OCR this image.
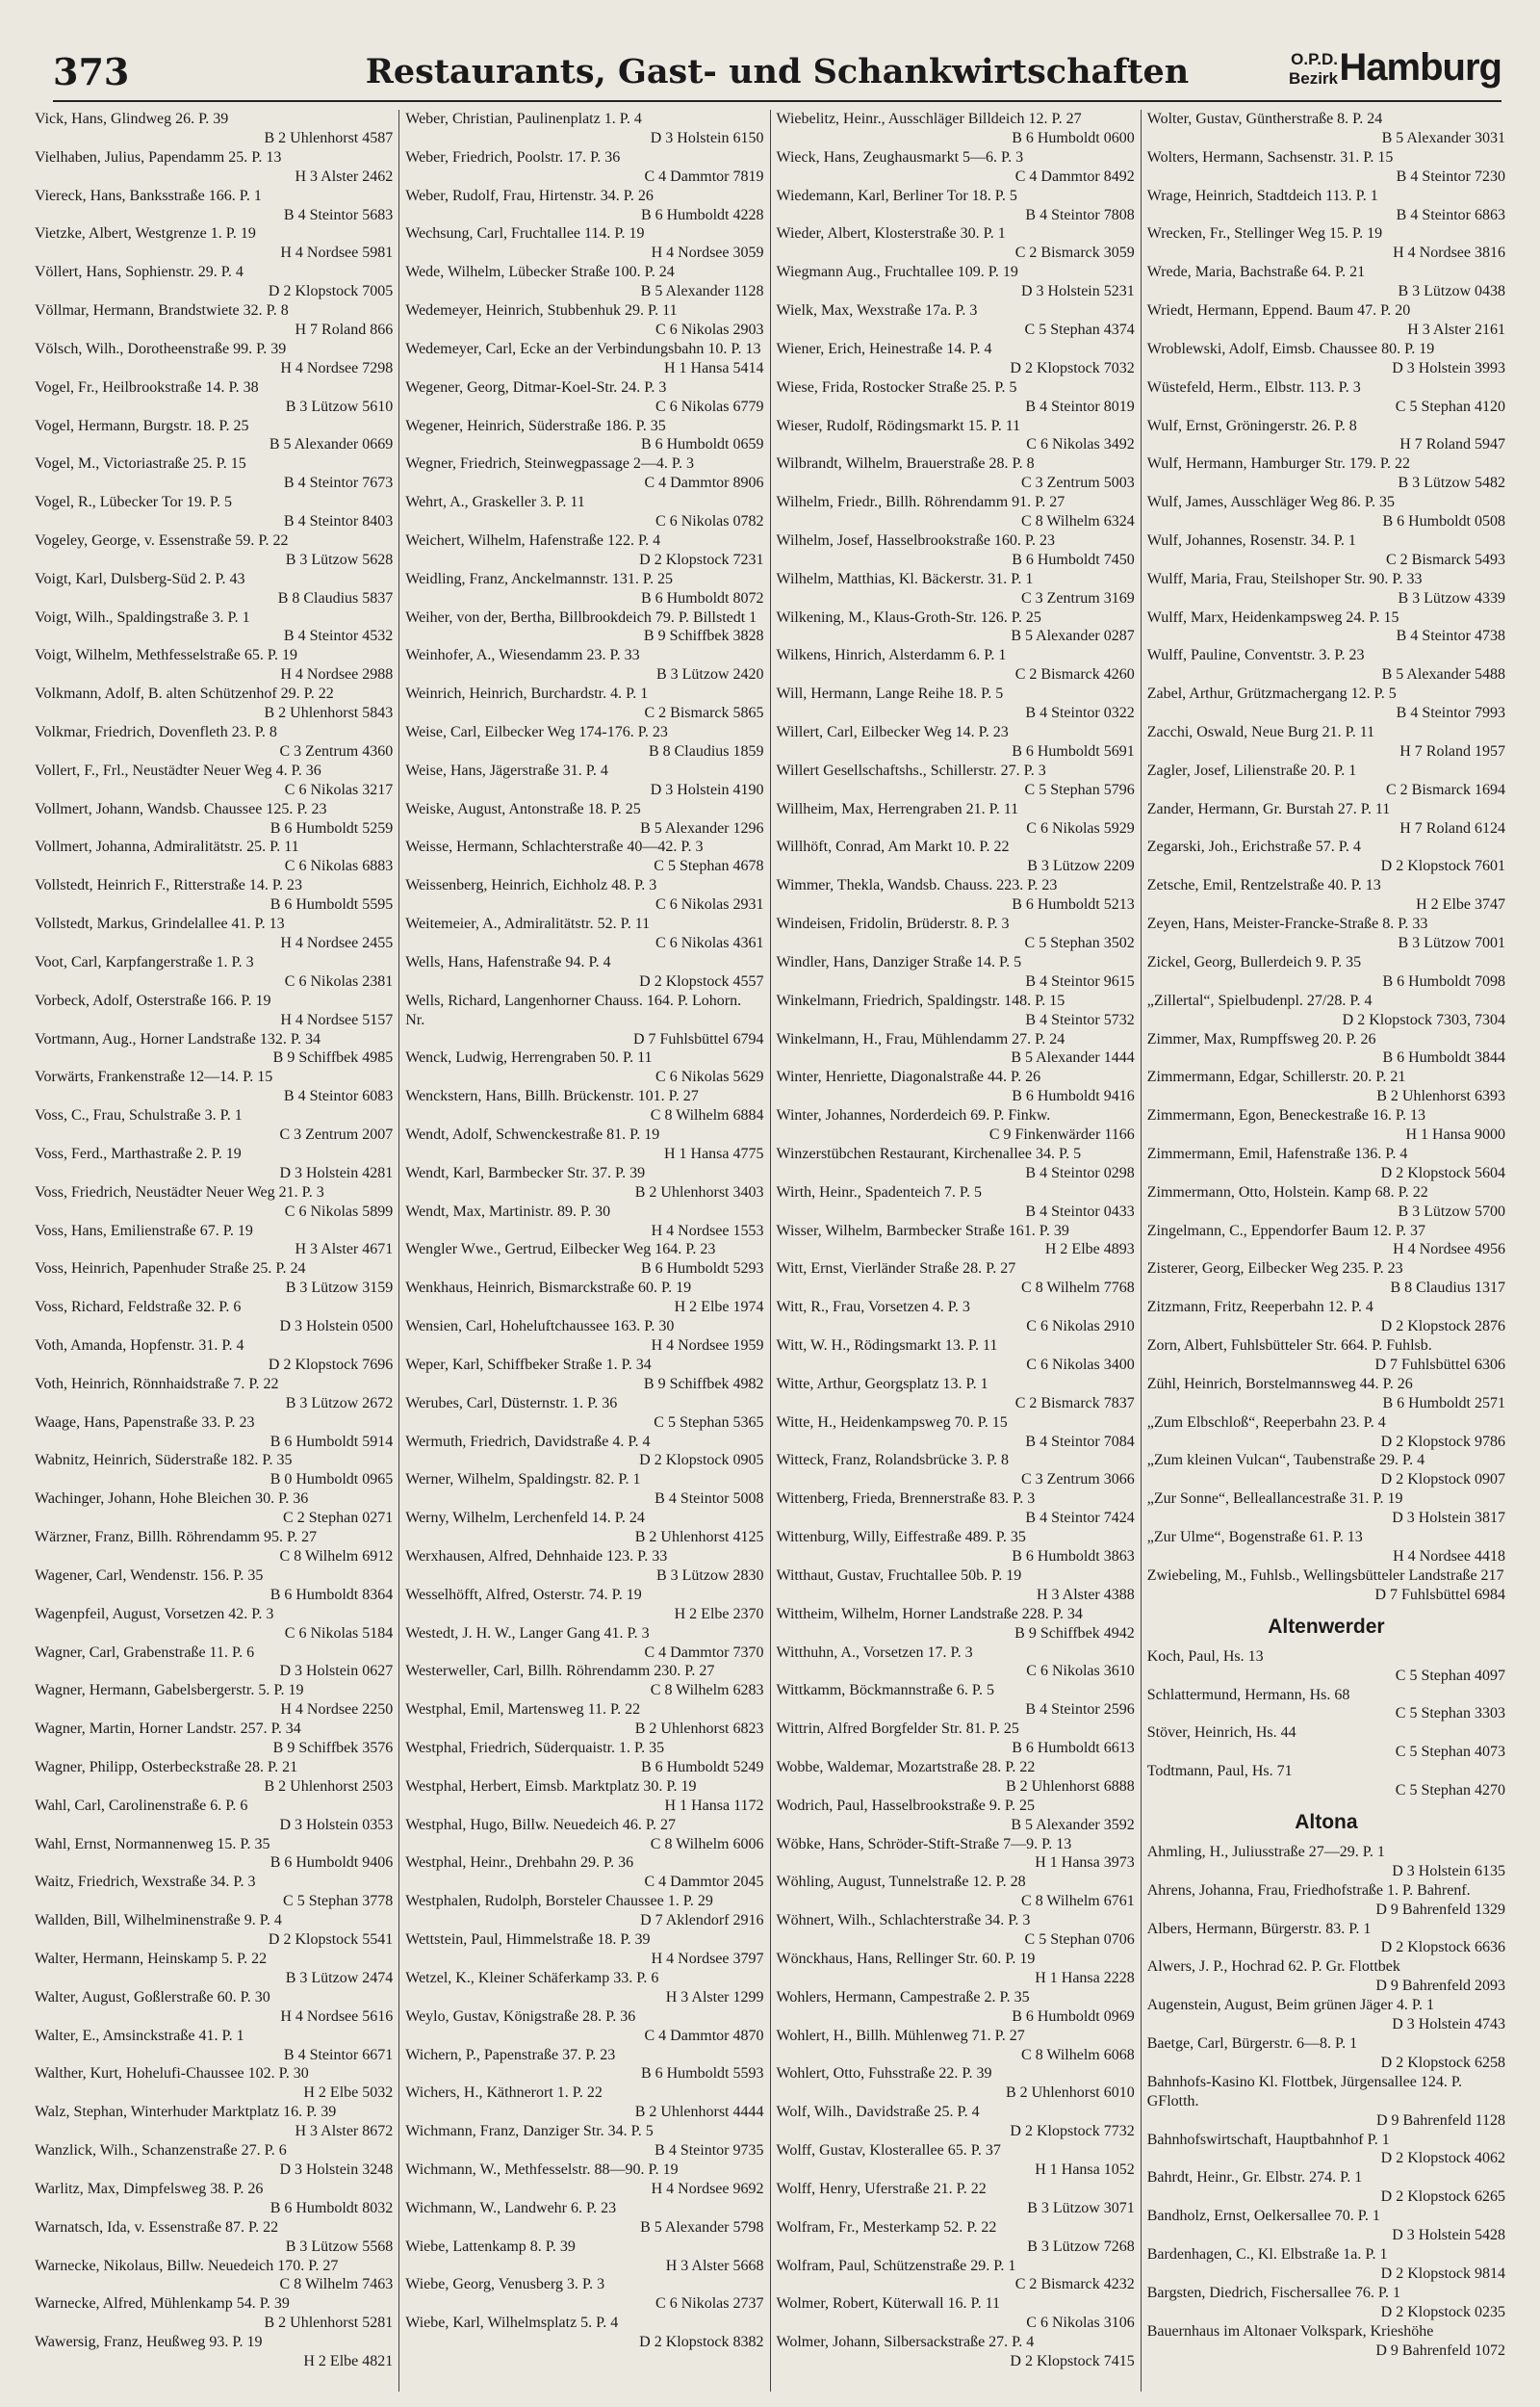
373	Restaurants, Gast- und Schankwirtschaften	O.P.D.
Bezirk Hamburg
Vick, Hans, Glindweg 26. P. 39
B 2 Uhlenhorst 4587
Vielhaben, Julius, Papendamm 25. P. 13
H 3 Alster 2462
Viereck, Hans, Banksstraße 166. P. 1
B 4 Steintor 5683
Vietzke, Albert, Westgrenze 1. P. 19
H 4 Nordsee 5981
Völlert, Hans, Sophienstr. 29. P. 4
D 2 Klopstock 7005
Völlmar, Hermann, Brandstwiete 32. P. 8
H 7 Roland 866
Völsch, Wilh., Dorotheenstraße 99. P. 39
H 4 Nordsee 7298
Vogel, Fr., Heilbrookstraße 14. P. 38
B 3 Lützow 5610
Vogel, Hermann, Burgstr. 18. P. 25
B 5 Alexander 0669
Vogel, M., Victoriastraße 25. P. 15
B 4 Steintor 7673
Vogel, R., Lübecker Tor 19. P. 5
B 4 Steintor 8403
Vogeley, George, v. Essenstraße 59. P. 22
B 3 Lützow 5628
Voigt, Karl, Dulsberg-Süd 2. P. 43
B 8 Claudius 5837
Voigt, Wilh., Spaldingstraße 3. P. 1
B 4 Steintor 4532
Voigt, Wilhelm, Methfesselstraße 65. P. 19
H 4 Nordsee 2988
Volkmann, Adolf, B. alten Schützenhof 29. P. 22
B 2 Uhlenhorst 5843
Volkmar, Friedrich, Dovenfleth 23. P. 8
C 3 Zentrum 4360
Vollert, F., Frl., Neustädter Neuer Weg 4. P. 36
C 6 Nikolas 3217
Vollmert, Johann, Wandsb. Chaussee 125. P. 23
B 6 Humboldt 5259
Vollmert, Johanna, Admiralitätstr. 25. P. 11
C 6 Nikolas 6883
Vollstedt, Heinrich F., Ritterstraße 14. P. 23
B 6 Humboldt 5595
Vollstedt, Markus, Grindelallee 41. P. 13
H 4 Nordsee 2455
Voot, Carl, Karpfangerstraße 1. P. 3
C 6 Nikolas 2381
Vorbeck, Adolf, Osterstraße 166. P. 19
H 4 Nordsee 5157
Vortmann, Aug., Horner Landstraße 132. P. 34
B 9 Schiffbek 4985
Vorwärts, Frankenstraße 12—14. P. 15
B 4 Steintor 6083
Voss, C., Frau, Schulstraße 3. P. 1
C 3 Zentrum 2007
Voss, Ferd., Marthastraße 2. P. 19
D 3 Holstein 4281
Voss, Friedrich, Neustädter Neuer Weg 21. P. 3
C 6 Nikolas 5899
Voss, Hans, Emilienstraße 67. P. 19
H 3 Alster 4671
Voss, Heinrich, Papenhuder Straße 25. P. 24
B 3 Lützow 3159
Voss, Richard, Feldstraße 32. P. 6
D 3 Holstein 0500
Voth, Amanda, Hopfenstr. 31. P. 4
D 2 Klopstock 7696
Voth, Heinrich, Rönnhaidstraße 7. P. 22
B 3 Lützow 2672
Waage, Hans, Papenstraße 33. P. 23
B 6 Humboldt 5914
Wabnitz, Heinrich, Süderstraße 182. P. 35
B 0 Humboldt 0965
Wachinger, Johann, Hohe Bleichen 30. P. 36
C 2 Stephan 0271
Wärzner, Franz, Billh. Röhrendamm 95. P. 27
C 8 Wilhelm 6912
Wagener, Carl, Wendenstr. 156. P. 35
B 6 Humboldt 8364
Wagenpfeil, August, Vorsetzen 42. P. 3
C 6 Nikolas 5184
Wagner, Carl, Grabenstraße 11. P. 6
D 3 Holstein 0627
Wagner, Hermann, Gabelsbergerstr. 5. P. 19
H 4 Nordsee 2250
Wagner, Martin, Horner Landstr. 257. P. 34
B 9 Schiffbek 3576
Wagner, Philipp, Osterbeckstraße 28. P. 21
B 2 Uhlenhorst 2503
Wahl, Carl, Carolinenstraße 6. P. 6
D 3 Holstein 0353
Wahl, Ernst, Normannenweg 15. P. 35
B 6 Humboldt 9406
Waitz, Friedrich, Wexstraße 34. P. 3
C 5 Stephan 3778
Wallden, Bill, Wilhelminenstraße 9. P. 4
D 2 Klopstock 5541
Walter, Hermann, Heinskamp 5. P. 22
B 3 Lützow 2474
Walter, August, Goßlerstraße 60. P. 30
H 4 Nordsee 5616
Walter, E., Amsinckstraße 41. P. 1
B 4 Steintor 6671
Walther, Kurt, Hohelufi-Chaussee 102. P. 30
H 2 Elbe 5032
Walz, Stephan, Winterhuder Marktplatz 16. P. 39
H 3 Alster 8672
Wanzlick, Wilh., Schanzenstraße 27. P. 6
D 3 Holstein 3248
Warlitz, Max, Dimpfelsweg 38. P. 26
B 6 Humboldt 8032
Warnatsch, Ida, v. Essenstraße 87. P. 22
B 3 Lützow 5568
Warnecke, Nikolaus, Billw. Neuedeich 170. P. 27
C 8 Wilhelm 7463
Warnecke, Alfred, Mühlenkamp 54. P. 39
B 2 Uhlenhorst 5281
Wawersig, Franz, Heußweg 93. P. 19
H 2 Elbe 4821
Weber, Christian, Paulinenplatz 1. P. 4
D 3 Holstein 6150
Weber, Friedrich, Poolstr. 17. P. 36
C 4 Dammtor 7819
Weber, Rudolf, Frau, Hirtenstr. 34. P. 26
B 6 Humboldt 4228
Wechsung, Carl, Fruchtallee 114. P. 19
H 4 Nordsee 3059
Wede, Wilhelm, Lübecker Straße 100. P. 24
B 5 Alexander 1128
Wedemeyer, Heinrich, Stubbenhuk 29. P. 11
C 6 Nikolas 2903
Wedemeyer, Carl, Ecke an der Verbindungsbahn 10. P. 13
H 1 Hansa 5414
Wegener, Georg, Ditmar-Koel-Str. 24. P. 3
C 6 Nikolas 6779
Wegener, Heinrich, Süderstraße 186. P. 35
B 6 Humboldt 0659
Wegner, Friedrich, Steinwegpassage 2—4. P. 3
C 4 Dammtor 8906
Wehrt, A., Graskeller 3. P. 11
C 6 Nikolas 0782
Weichert, Wilhelm, Hafenstraße 122. P. 4
D 2 Klopstock 7231
Weidling, Franz, Anckelmannstr. 131. P. 25
B 6 Humboldt 8072
Weiher, von der, Bertha, Billbrookdeich 79. P. Billstedt 1
B 9 Schiffbek 3828
Weinhofer, A., Wiesendamm 23. P. 33
B 3 Lützow 2420
Weinrich, Heinrich, Burchardstr. 4. P. 1
C 2 Bismarck 5865
Weise, Carl, Eilbecker Weg 174-176. P. 23
B 8 Claudius 1859
Weise, Hans, Jägerstraße 31. P. 4
D 3 Holstein 4190
Weiske, August, Antonstraße 18. P. 25
B 5 Alexander 1296
Weisse, Hermann, Schlachterstraße 40—42. P. 3
C 5 Stephan 4678
Weissenberg, Heinrich, Eichholz 48. P. 3
C 6 Nikolas 2931
Weitemeier, A., Admiralitätstr. 52. P. 11
C 6 Nikolas 4361
Wells, Hans, Hafenstraße 94. P. 4
D 2 Klopstock 4557
Wells, Richard, Langenhorner Chauss. 164. P. Lohorn. Nr.
D 7 Fuhlsbüttel 6794
Wenck, Ludwig, Herrengraben 50. P. 11
C 6 Nikolas 5629
Wenckstern, Hans, Billh. Brückenstr. 101. P. 27
C 8 Wilhelm 6884
Wendt, Adolf, Schwenckestraße 81. P. 19
H 1 Hansa 4775
Wendt, Karl, Barmbecker Str. 37. P. 39
B 2 Uhlenhorst 3403
Wendt, Max, Martinistr. 89. P. 30
H 4 Nordsee 1553
Wengler Wwe., Gertrud, Eilbecker Weg 164. P. 23
B 6 Humboldt 5293
Wenkhaus, Heinrich, Bismarckstraße 60. P. 19
H 2 Elbe 1974
Wensien, Carl, Hoheluftchaussee 163. P. 30
H 4 Nordsee 1959
Weper, Karl, Schiffbeker Straße 1. P. 34
B 9 Schiffbek 4982
Werubes, Carl, Düsternstr. 1. P. 36
C 5 Stephan 5365
Wermuth, Friedrich, Davidstraße 4. P. 4
D 2 Klopstock 0905
Werner, Wilhelm, Spaldingstr. 82. P. 1
B 4 Steintor 5008
Werny, Wilhelm, Lerchenfeld 14. P. 24
B 2 Uhlenhorst 4125
Werxhausen, Alfred, Dehnhaide 123. P. 33
B 3 Lützow 2830
Wesselhöfft, Alfred, Osterstr. 74. P. 19
H 2 Elbe 2370
Westedt, J. H. W., Langer Gang 41. P. 3
C 4 Dammtor 7370
Westerweller, Carl, Billh. Röhrendamm 230. P. 27
C 8 Wilhelm 6283
Westphal, Emil, Martensweg 11. P. 22
B 2 Uhlenhorst 6823
Westphal, Friedrich, Süderquaistr. 1. P. 35
B 6 Humboldt 5249
Westphal, Herbert, Eimsb. Marktplatz 30. P. 19
H 1 Hansa 1172
Westphal, Hugo, Billw. Neuedeich 46. P. 27
C 8 Wilhelm 6006
Westphal, Heinr., Drehbahn 29. P. 36
C 4 Dammtor 2045
Westphalen, Rudolph, Borsteler Chaussee 1. P. 29
D 7 Aklendorf 2916
Wettstein, Paul, Himmelstraße 18. P. 39
H 4 Nordsee 3797
Wetzel, K., Kleiner Schäferkamp 33. P. 6
H 3 Alster 1299
Weylo, Gustav, Königstraße 28. P. 36
C 4 Dammtor 4870
Wichern, P., Papenstraße 37. P. 23
B 6 Humboldt 5593
Wichers, H., Käthnerort 1. P. 22
B 2 Uhlenhorst 4444
Wichmann, Franz, Danziger Str. 34. P. 5
B 4 Steintor 9735
Wichmann, W., Methfesselstr. 88—90. P. 19
H 4 Nordsee 9692
Wichmann, W., Landwehr 6. P. 23
B 5 Alexander 5798
Wiebe, Lattenkamp 8. P. 39
H 3 Alster 5668
Wiebe, Georg, Venusberg 3. P. 3
C 6 Nikolas 2737
Wiebe, Karl, Wilhelmsplatz 5. P. 4
D 2 Klopstock 8382
Wiebelitz, Heinr., Ausschläger Billdeich 12. P. 27
B 6 Humboldt 0600
Wieck, Hans, Zeughausmarkt 5—6. P. 3
C 4 Dammtor 8492
Wiedemann, Karl, Berliner Tor 18. P. 5
B 4 Steintor 7808
Wieder, Albert, Klosterstraße 30. P. 1
C 2 Bismarck 3059
Wiegmann Aug., Fruchtallee 109. P. 19
D 3 Holstein 5231
Wielk, Max, Wexstraße 17a. P. 3
C 5 Stephan 4374
Wiener, Erich, Heinestraße 14. P. 4
D 2 Klopstock 7032
Wiese, Frida, Rostocker Straße 25. P. 5
B 4 Steintor 8019
Wieser, Rudolf, Rödingsmarkt 15. P. 11
C 6 Nikolas 3492
Wilbrandt, Wilhelm, Brauerstraße 28. P. 8
C 3 Zentrum 5003
Wilhelm, Friedr., Billh. Röhrendamm 91. P. 27
C 8 Wilhelm 6324
Wilhelm, Josef, Hasselbrookstraße 160. P. 23
B 6 Humboldt 7450
Wilhelm, Matthias, Kl. Bäckerstr. 31. P. 1
C 3 Zentrum 3169
Wilkening, M., Klaus-Groth-Str. 126. P. 25
B 5 Alexander 0287
Wilkens, Hinrich, Alsterdamm 6. P. 1
C 2 Bismarck 4260
Will, Hermann, Lange Reihe 18. P. 5
B 4 Steintor 0322
Willert, Carl, Eilbecker Weg 14. P. 23
B 6 Humboldt 5691
Willert Gesellschaftshs., Schillerstr. 27. P. 3
C 5 Stephan 5796
Willheim, Max, Herrengraben 21. P. 11
C 6 Nikolas 5929
Willhöft, Conrad, Am Markt 10. P. 22
B 3 Lützow 2209
Wimmer, Thekla, Wandsb. Chauss. 223. P. 23
B 6 Humboldt 5213
Windeisen, Fridolin, Brüderstr. 8. P. 3
C 5 Stephan 3502
Windler, Hans, Danziger Straße 14. P. 5
B 4 Steintor 9615
Winkelmann, Friedrich, Spaldingstr. 148. P. 15
B 4 Steintor 5732
Winkelmann, H., Frau, Mühlendamm 27. P. 24
B 5 Alexander 1444
Winter, Henriette, Diagonalstraße 44. P. 26
B 6 Humboldt 9416
Winter, Johannes, Norderdeich 69. P. Finkw.
C 9 Finkenwärder 1166
Winzerstübchen Restaurant, Kirchenallee 34. P. 5
B 4 Steintor 0298
Wirth, Heinr., Spadenteich 7. P. 5
B 4 Steintor 0433
Wisser, Wilhelm, Barmbecker Straße 161. P. 39
H 2 Elbe 4893
Witt, Ernst, Vierländer Straße 28. P. 27
C 8 Wilhelm 7768
Witt, R., Frau, Vorsetzen 4. P. 3
C 6 Nikolas 2910
Witt, W. H., Rödingsmarkt 13. P. 11
C 6 Nikolas 3400
Witte, Arthur, Georgsplatz 13. P. 1
C 2 Bismarck 7837
Witte, H., Heidenkampsweg 70. P. 15
B 4 Steintor 7084
Witteck, Franz, Rolandsbrücke 3. P. 8
C 3 Zentrum 3066
Wittenberg, Frieda, Brennerstraße 83. P. 3
B 4 Steintor 7424
Wittenburg, Willy, Eiffestraße 489. P. 35
B 6 Humboldt 3863
Witthaut, Gustav, Fruchtallee 50b. P. 19
H 3 Alster 4388
Wittheim, Wilhelm, Horner Landstraße 228. P. 34
B 9 Schiffbek 4942
Witthuhn, A., Vorsetzen 17. P. 3
C 6 Nikolas 3610
Wittkamm, Böckmannstraße 6. P. 5
B 4 Steintor 2596
Wittrin, Alfred Borgfelder Str. 81. P. 25
B 6 Humboldt 6613
Wobbe, Waldemar, Mozartstraße 28. P. 22
B 2 Uhlenhorst 6888
Wodrich, Paul, Hasselbrookstraße 9. P. 25
B 5 Alexander 3592
Wöbke, Hans, Schröder-Stift-Straße 7—9. P. 13
H 1 Hansa 3973
Wöhling, August, Tunnelstraße 12. P. 28
C 8 Wilhelm 6761
Wöhnert, Wilh., Schlachterstraße 34. P. 3
C 5 Stephan 0706
Wönckhaus, Hans, Rellinger Str. 60. P. 19
H 1 Hansa 2228
Wohlers, Hermann, Campestraße 2. P. 35
B 6 Humboldt 0969
Wohlert, H., Billh. Mühlenweg 71. P. 27
C 8 Wilhelm 6068
Wohlert, Otto, Fuhsstraße 22. P. 39
B 2 Uhlenhorst 6010
Wolf, Wilh., Davidstraße 25. P. 4
D 2 Klopstock 7732
Wolff, Gustav, Klosterallee 65. P. 37
H 1 Hansa 1052
Wolff, Henry, Uferstraße 21. P. 22
B 3 Lützow 3071
Wolfram, Fr., Mesterkamp 52. P. 22
B 3 Lützow 7268
Wolfram, Paul, Schützenstraße 29. P. 1
C 2 Bismarck 4232
Wolmer, Robert, Küterwall 16. P. 11
C 6 Nikolas 3106
Wolmer, Johann, Silbersackstraße 27. P. 4
D 2 Klopstock 7415
Wolter, Gustav, Güntherstraße 8. P. 24
B 5 Alexander 3031
Wolters, Hermann, Sachsenstr. 31. P. 15
B 4 Steintor 7230
Wrage, Heinrich, Stadtdeich 113. P. 1
B 4 Steintor 6863
Wrecken, Fr., Stellinger Weg 15. P. 19
H 4 Nordsee 3816
Wrede, Maria, Bachstraße 64. P. 21
B 3 Lützow 0438
Wriedt, Hermann, Eppend. Baum 47. P. 20
H 3 Alster 2161
Wroblewski, Adolf, Eimsb. Chaussee 80. P. 19
D 3 Holstein 3993
Wüstefeld, Herm., Elbstr. 113. P. 3
C 5 Stephan 4120
Wulf, Ernst, Gröningerstr. 26. P. 8
H 7 Roland 5947
Wulf, Hermann, Hamburger Str. 179. P. 22
B 3 Lützow 5482
Wulf, James, Ausschläger Weg 86. P. 35
B 6 Humboldt 0508
Wulf, Johannes, Rosenstr. 34. P. 1
C 2 Bismarck 5493
Wulff, Maria, Frau, Steilshoper Str. 90. P. 33
B 3 Lützow 4339
Wulff, Marx, Heidenkampsweg 24. P. 15
B 4 Steintor 4738
Wulff, Pauline, Conventstr. 3. P. 23
B 5 Alexander 5488
Zabel, Arthur, Grützmachergang 12. P. 5
B 4 Steintor 7993
Zacchi, Oswald, Neue Burg 21. P. 11
H 7 Roland 1957
Zagler, Josef, Lilienstraße 20. P. 1
C 2 Bismarck 1694
Zander, Hermann, Gr. Burstah 27. P. 11
H 7 Roland 6124
Zegarski, Joh., Erichstraße 57. P. 4
D 2 Klopstock 7601
Zetsche, Emil, Rentzelstraße 40. P. 13
H 2 Elbe 3747
Zeyen, Hans, Meister-Francke-Straße 8. P. 33
B 3 Lützow 7001
Zickel, Georg, Bullerdeich 9. P. 35
B 6 Humboldt 7098
„Zillertal“, Spielbudenpl. 27/28. P. 4
D 2 Klopstock 7303, 7304
Zimmer, Max, Rumpffsweg 20. P. 26
B 6 Humboldt 3844
Zimmermann, Edgar, Schillerstr. 20. P. 21
B 2 Uhlenhorst 6393
Zimmermann, Egon, Beneckestraße 16. P. 13
H 1 Hansa 9000
Zimmermann, Emil, Hafenstraße 136. P. 4
D 2 Klopstock 5604
Zimmermann, Otto, Holstein. Kamp 68. P. 22
B 3 Lützow 5700
Zingelmann, C., Eppendorfer Baum 12. P. 37
H 4 Nordsee 4956
Zisterer, Georg, Eilbecker Weg 235. P. 23
B 8 Claudius 1317
Zitzmann, Fritz, Reeperbahn 12. P. 4
D 2 Klopstock 2876
Zorn, Albert, Fuhlsbütteler Str. 664. P. Fuhlsb.
D 7 Fuhlsbüttel 6306
Zühl, Heinrich, Borstelmannsweg 44. P. 26
B 6 Humboldt 2571
„Zum Elbschloß“, Reeperbahn 23. P. 4
D 2 Klopstock 9786
„Zum kleinen Vulcan“, Taubenstraße 29. P. 4
D 2 Klopstock 0907
„Zur Sonne“, Belleallancestraße 31. P. 19
D 3 Holstein 3817
„Zur Ulme“, Bogenstraße 61. P. 13
H 4 Nordsee 4418
Zwiebeling, M., Fuhlsb., Wellingsbütteler Landstraße 217
D 7 Fuhlsbüttel 6984
Altenwerder
Koch, Paul, Hs. 13
C 5 Stephan 4097
Schlattermund, Hermann, Hs. 68
C 5 Stephan 3303
Stöver, Heinrich, Hs. 44
C 5 Stephan 4073
Todtmann, Paul, Hs. 71
C 5 Stephan 4270
Altona
Ahmling, H., Juliusstraße 27—29. P. 1
D 3 Holstein 6135
Ahrens, Johanna, Frau, Friedhofstraße 1. P. Bahrenf.
D 9 Bahrenfeld 1329
Albers, Hermann, Bürgerstr. 83. P. 1
D 2 Klopstock 6636
Alwers, J. P., Hochrad 62. P. Gr. Flottbek
D 9 Bahrenfeld 2093
Augenstein, August, Beim grünen Jäger 4. P. 1
D 3 Holstein 4743
Baetge, Carl, Bürgerstr. 6—8. P. 1
D 2 Klopstock 6258
Bahnhofs-Kasino Kl. Flottbek, Jürgensallee 124. P. GFlotth.
D 9 Bahrenfeld 1128
Bahnhofswirtschaft, Hauptbahnhof P. 1
D 2 Klopstock 4062
Bahrdt, Heinr., Gr. Elbstr. 274. P. 1
D 2 Klopstock 6265
Bandholz, Ernst, Oelkersallee 70. P. 1
D 3 Holstein 5428
Bardenhagen, C., Kl. Elbstraße 1a. P. 1
D 2 Klopstock 9814
Bargsten, Diedrich, Fischersallee 76. P. 1
D 2 Klopstock 0235
Bauernhaus im Altonaer Volkspark, Krieshöhe
D 9 Bahrenfeld 1072
